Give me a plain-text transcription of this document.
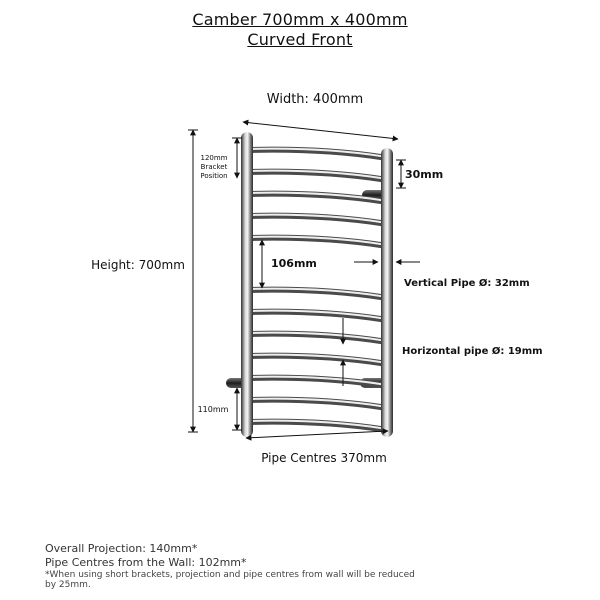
Camber 700mm x 400mm
Curved Front
Width: 400mm
Height: 700mm
120mm
Bracket
Position	30mm
106mm
Vertical Pipe Ø: 32mm
Horizontal pipe Ø: 19mm
110mm
Pipe Centres 370mm
Overall Projection: 140mm*
Pipe Centres from the Wall: 102mm*
*When using short brackets, projection and pipe centres from wall will be reduced by 25mm.
